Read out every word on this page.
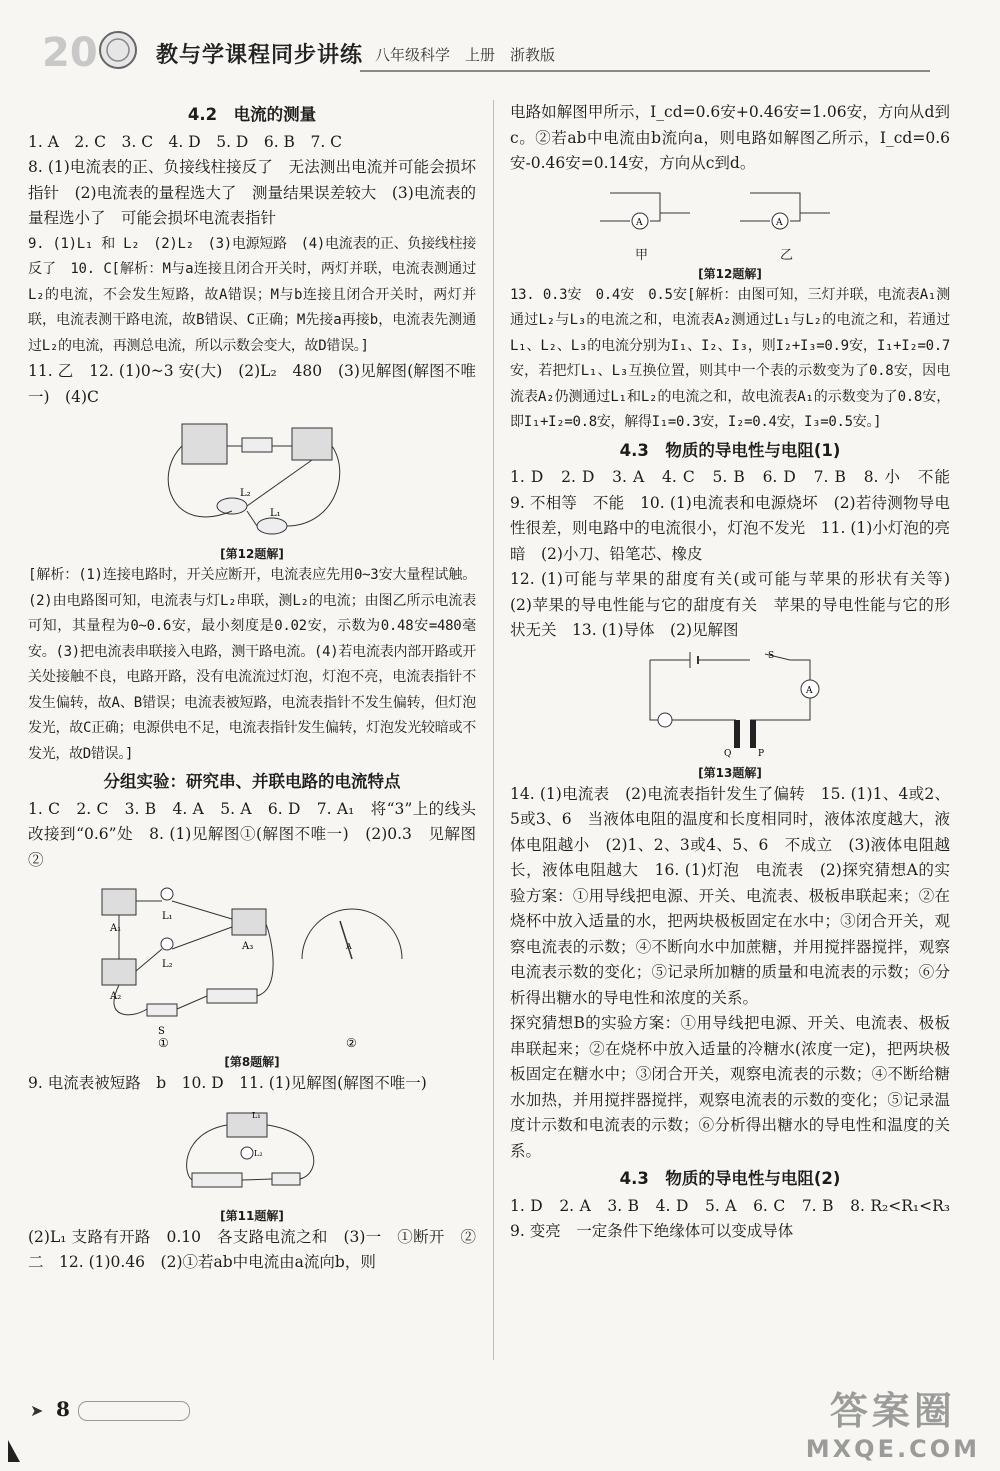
20	教与学课程同步讲练 八年级科学　上册　浙教版
4.2　电流的测量

1. A　2. C　3. C　4. D　5. D　6. B　7. C

8. (1)电流表的正、负接线柱接反了　无法测出电流并可能会损坏指针　(2)电流表的量程选大了　测量结果误差较大　(3)电流表的量程选小了　可能会损坏电流表指针

9. (1)L₁ 和 L₂　(2)L₂　(3)电源短路　(4)电流表的正、负接线柱接反了　10. C[解析：M与a连接且闭合开关时，两灯并联，电流表测通过L₂的电流，不会发生短路，故A错误；M与b连接且闭合开关时，两灯并联，电流表测干路电流，故B错误、C正确；M先接a再接b，电流表先测通过L₂的电流，再测总电流，所以示数会变大，故D错误。]

11. 乙　12. (1)0~3 安(大)　(2)L₂　480　(3)见解图(解图不唯一)　(4)C

L₂
L₁
[第12题解]

[解析：(1)连接电路时，开关应断开，电流表应先用0~3安大量程试触。(2)由电路图可知，电流表与灯L₂串联，测L₂的电流；由图乙所示电流表可知，其量程为0~0.6安，最小刻度是0.02安，示数为0.48安=480毫安。(3)把电流表串联接入电路，测干路电流。(4)若电流表内部开路或开关处接触不良，电路开路，没有电流流过灯泡，灯泡不亮，电流表指针不发生偏转，故A、B错误；电流表被短路，电流表指针不发生偏转，但灯泡发光，故C正确；电源供电不足，电流表指针发生偏转，灯泡发光较暗或不发光，故D错误。]

分组实验：研究串、并联电路的电流特点

1. C　2. C　3. B　4. A　5. A　6. D　7. A₁　将“3”上的线头改接到“0.6”处　8. (1)见解图①(解图不唯一)　(2)0.3　见解图②

A₁
L₁
A₃
L₂
A₂
S
①
A
②
[第8题解]

9. 电流表被短路　b　10. D　11. (1)见解图(解图不唯一)

L₁
L₂
[第11题解]

(2)L₁ 支路有开路　0.10　各支路电流之和　(3)一　①断开　②二　12. (1)0.46　(2)①若ab中电流由a流向b，则

电路如解图甲所示，I_cd=0.6安+0.46安=1.06安，方向从d到c。②若ab中电流由b流向a，则电路如解图乙所示，I_cd=0.6安-0.46安=0.14安，方向从c到d。

A	A
甲	乙
[第12题解]

13. 0.3安　0.4安　0.5安[解析：由图可知，三灯并联，电流表A₁测通过L₂与L₃的电流之和，电流表A₂测通过L₁与L₂的电流之和，若通过L₁、L₂、L₃的电流分别为I₁、I₂、I₃，则I₂+I₃=0.9安，I₁+I₂=0.7安，若把灯L₁、L₃互换位置，则其中一个表的示数变为了0.8安，因电流表A₂仍测通过L₁和L₂的电流之和，故电流表A₁的示数变为了0.8安，即I₁+I₂=0.8安，解得I₁=0.3安，I₂=0.4安，I₃=0.5安。]

4.3　物质的导电性与电阻(1)

1. D　2. D　3. A　4. C　5. B　6. D　7. B　8. 小　不能　9. 不相等　不能　10. (1)电流表和电源烧坏　(2)若待测物导电性很差，则电路中的电流很小，灯泡不发光　11. (1)小灯泡的亮暗　(2)小刀、铅笔芯、橡皮

12. (1)可能与苹果的甜度有关(或可能与苹果的形状有关等)　(2)苹果的导电性能与它的甜度有关　苹果的导电性能与它的形状无关　13. (1)导体　(2)见解图

A
Q	P
S
[第13题解]

14. (1)电流表　(2)电流表指针发生了偏转　15. (1)1、4或2、5或3、6　当液体电阻的温度和长度相同时，液体浓度越大，液体电阻越小　(2)1、2、3或4、5、6　不成立　(3)液体电阻越长，液体电阻越大　16. (1)灯泡　电流表　(2)探究猜想A的实验方案：①用导线把电源、开关、电流表、极板串联起来；②在烧杯中放入适量的水，把两块极板固定在水中；③闭合开关，观察电流表的示数；④不断向水中加蔗糖，并用搅拌器搅拌，观察电流表示数的变化；⑤记录所加糖的质量和电流表的示数；⑥分析得出糖水的导电性和浓度的关系。

探究猜想B的实验方案：①用导线把电源、开关、电流表、极板串联起来；②在烧杯中放入适量的冷糖水(浓度一定)，把两块极板固定在糖水中；③闭合开关，观察电流表的示数；④不断给糖水加热，并用搅拌器搅拌，观察电流表的示数的变化；⑤记录温度计示数和电流表的示数；⑥分析得出糖水的导电性和温度的关系。

4.3　物质的导电性与电阻(2)

1. D　2. A　3. B　4. D　5. A　6. C　7. B　8. R₂<R₁<R₃　9. 变亮　一定条件下绝缘体可以变成导体

➤ 8	答案圈
MXQE.COM
